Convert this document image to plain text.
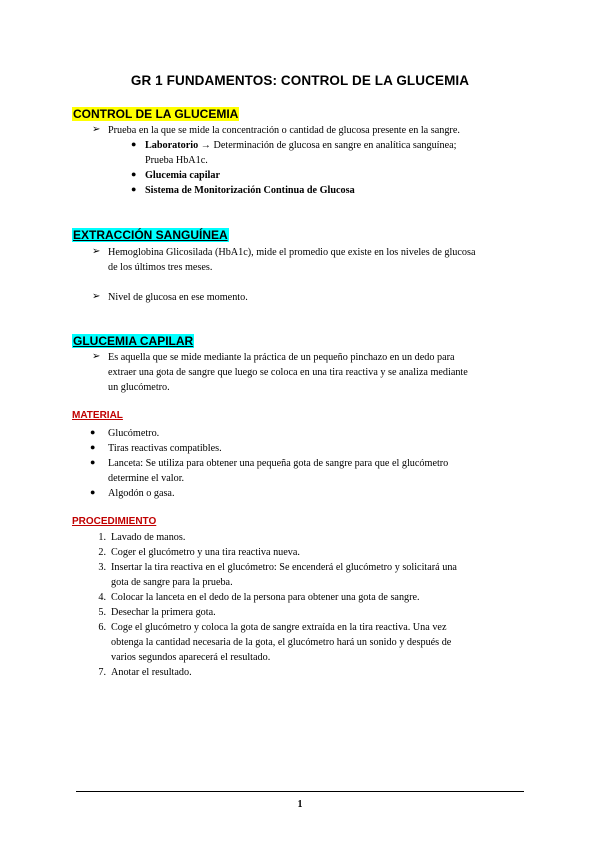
GR 1 FUNDAMENTOS: CONTROL DE LA GLUCEMIA
CONTROL DE LA GLUCEMIA
➢ Prueba en la que se mide la concentración o cantidad de glucosa presente en la sangre.
● Laboratorio → Determinación de glucosa en sangre en analítica sanguínea;
Prueba HbA1c.
● Glucemia capilar
● Sistema de Monitorización Continua de Glucosa
EXTRACCIÓN SANGUÍNEA
➢ Hemoglobina Glicosilada (HbA1c), mide el promedio que existe en los niveles de glucosa
de los últimos tres meses.
➢ Nivel de glucosa en ese momento.
GLUCEMIA CAPILAR
➢ Es aquella que se mide mediante la práctica de un pequeño pinchazo en un dedo para
extraer una gota de sangre que luego se coloca en una tira reactiva y se analiza mediante
un glucómetro.
MATERIAL
●	Glucómetro.
●	Tiras reactivas compatibles.
●	Lanceta: Se utiliza para obtener una pequeña gota de sangre para que el glucómetro
determine el valor.
●	Algodón o gasa.
PROCEDIMIENTO
1. Lavado de manos.
2. Coger el glucómetro y una tira reactiva nueva.
3. Insertar la tira reactiva en el glucómetro: Se encenderá el glucómetro y solicitará una
gota de sangre para la prueba.
4. Colocar la lanceta en el dedo de la persona para obtener una gota de sangre.
5. Desechar la primera gota.
6. Coge el glucómetro y coloca la gota de sangre extraída en la tira reactiva. Una vez
obtenga la cantidad necesaria de la gota, el glucómetro hará un sonido y después de
varios segundos aparecerá el resultado.
7. Anotar el resultado.
1
